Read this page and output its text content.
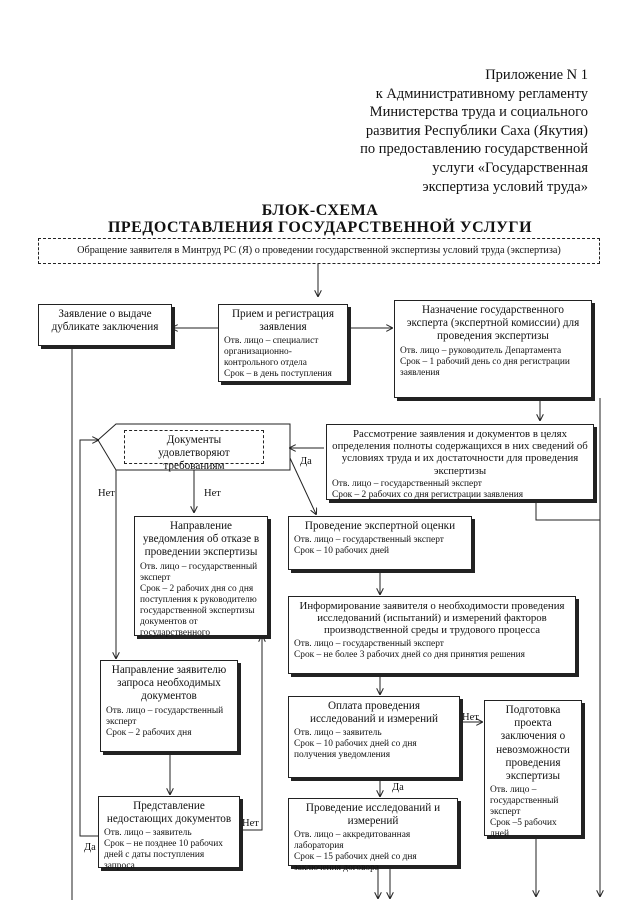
Приложение N 1
к Административному регламенту
Министерства труда и социального
развития Республики Саха (Якутия)
по предоставлению государственной
услуги «Государственная
экспертиза условий труда»
БЛОК-СХЕМА
ПРЕДОСТАВЛЕНИЯ ГОСУДАРСТВЕННОЙ УСЛУГИ
Обращение заявителя в Минтруд РС (Я) о проведении государственной экспертизы условий труда (экспертиза)
Заявление о выдаче дубликате заключения
Прием и регистрация заявления
Отв. лицо – специалист организационно-контрольного отдела
Срок – в день поступления
Назначение государственного эксперта (экспертной комиссии) для проведения экспертизы
Отв. лицо – руководитель Департамента
Срок – 1 рабочий день со дня регистрации заявления
Документы удовлетворяют требованиям
Рассмотрение заявления и документов в целях определения полноты содержащихся в них сведений об условиях труда и их достаточности для проведения экспертизы
Отв. лицо – государственный эксперт
Срок – 2 рабочих со дня регистрации заявления
Направление уведомления об отказе в проведении экспертизы
Отв. лицо – государственный эксперт
Срок – 2 рабочих дня со дня поступления к руководителю государственной экспертизы документов от государственного
Проведение экспертной оценки
Отв. лицо – государственный эксперт
Срок – 10 рабочих дней
Информирование заявителя о необходимости проведения исследований (испытаний) и измерений факторов производственной среды и трудового процесса
Отв. лицо – государственный эксперт
Срок – не более 3 рабочих дней со дня принятия решения
Направление заявителю запроса необходимых документов
Отв. лицо – государственный эксперт
Срок – 2 рабочих дня
Оплата проведения исследований и измерений
Отв. лицо – заявитель
Срок – 10 рабочих дней со дня получения уведомления
Подготовка проекта заключения о невозможности проведения экспертизы
Отв. лицо – государственный эксперт
Срок –5 рабочих дней
Представление недостающих документов
Отв. лицо – заявитель
Срок – не позднее 10 рабочих дней с даты поступления запроса
Проведение исследований и измерений
Отв. лицо – аккредитованная лаборатория
Срок – 15 рабочих дней со дня заключения договора
Нет	Нет
Да
Нет
Да
Нет
Да
